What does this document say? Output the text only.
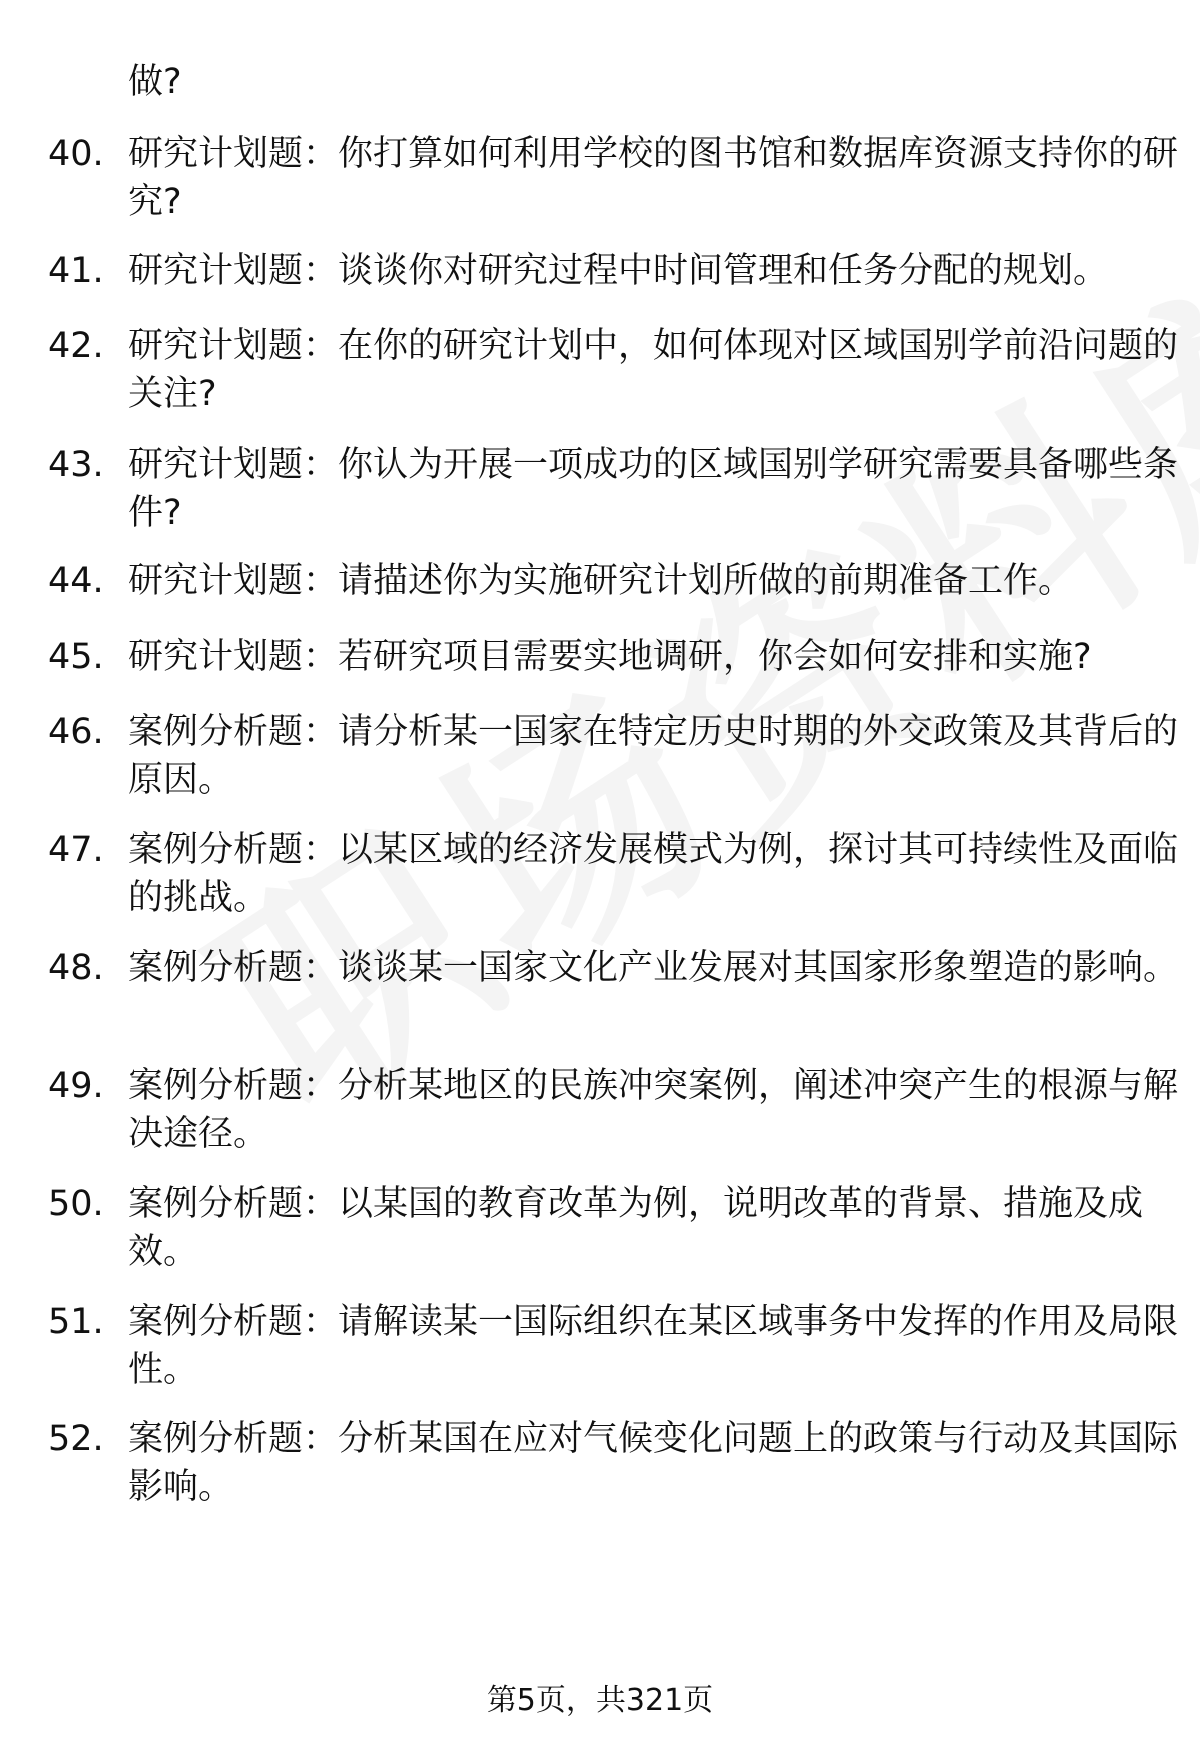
做?
40. 研究计划题：你打算如何利用学校的图书馆和数据库资源支持你的研究?
41. 研究计划题：谈谈你对研究过程中时间管理和任务分配的规划。
42. 研究计划题：在你的研究计划中，如何体现对区域国别学前沿问题的关注?
43. 研究计划题：你认为开展一项成功的区域国别学研究需要具备哪些条件?
44. 研究计划题：请描述你为实施研究计划所做的前期准备工作。
45. 研究计划题：若研究项目需要实地调研，你会如何安排和实施?
46. 案例分析题：请分析某一国家在特定历史时期的外交政策及其背后的原因。
47. 案例分析题：以某区域的经济发展模式为例，探讨其可持续性及面临的挑战。
48. 案例分析题：谈谈某一国家文化产业发展对其国家形象塑造的影响。
49. 案例分析题：分析某地区的民族冲突案例，阐述冲突产生的根源与解决途径。
50. 案例分析题：以某国的教育改革为例，说明改革的背景、措施及成效。
51. 案例分析题：请解读某一国际组织在某区域事务中发挥的作用及局限性。
52. 案例分析题：分析某国在应对气候变化问题上的政策与行动及其国际影响。
第5页，共321页
